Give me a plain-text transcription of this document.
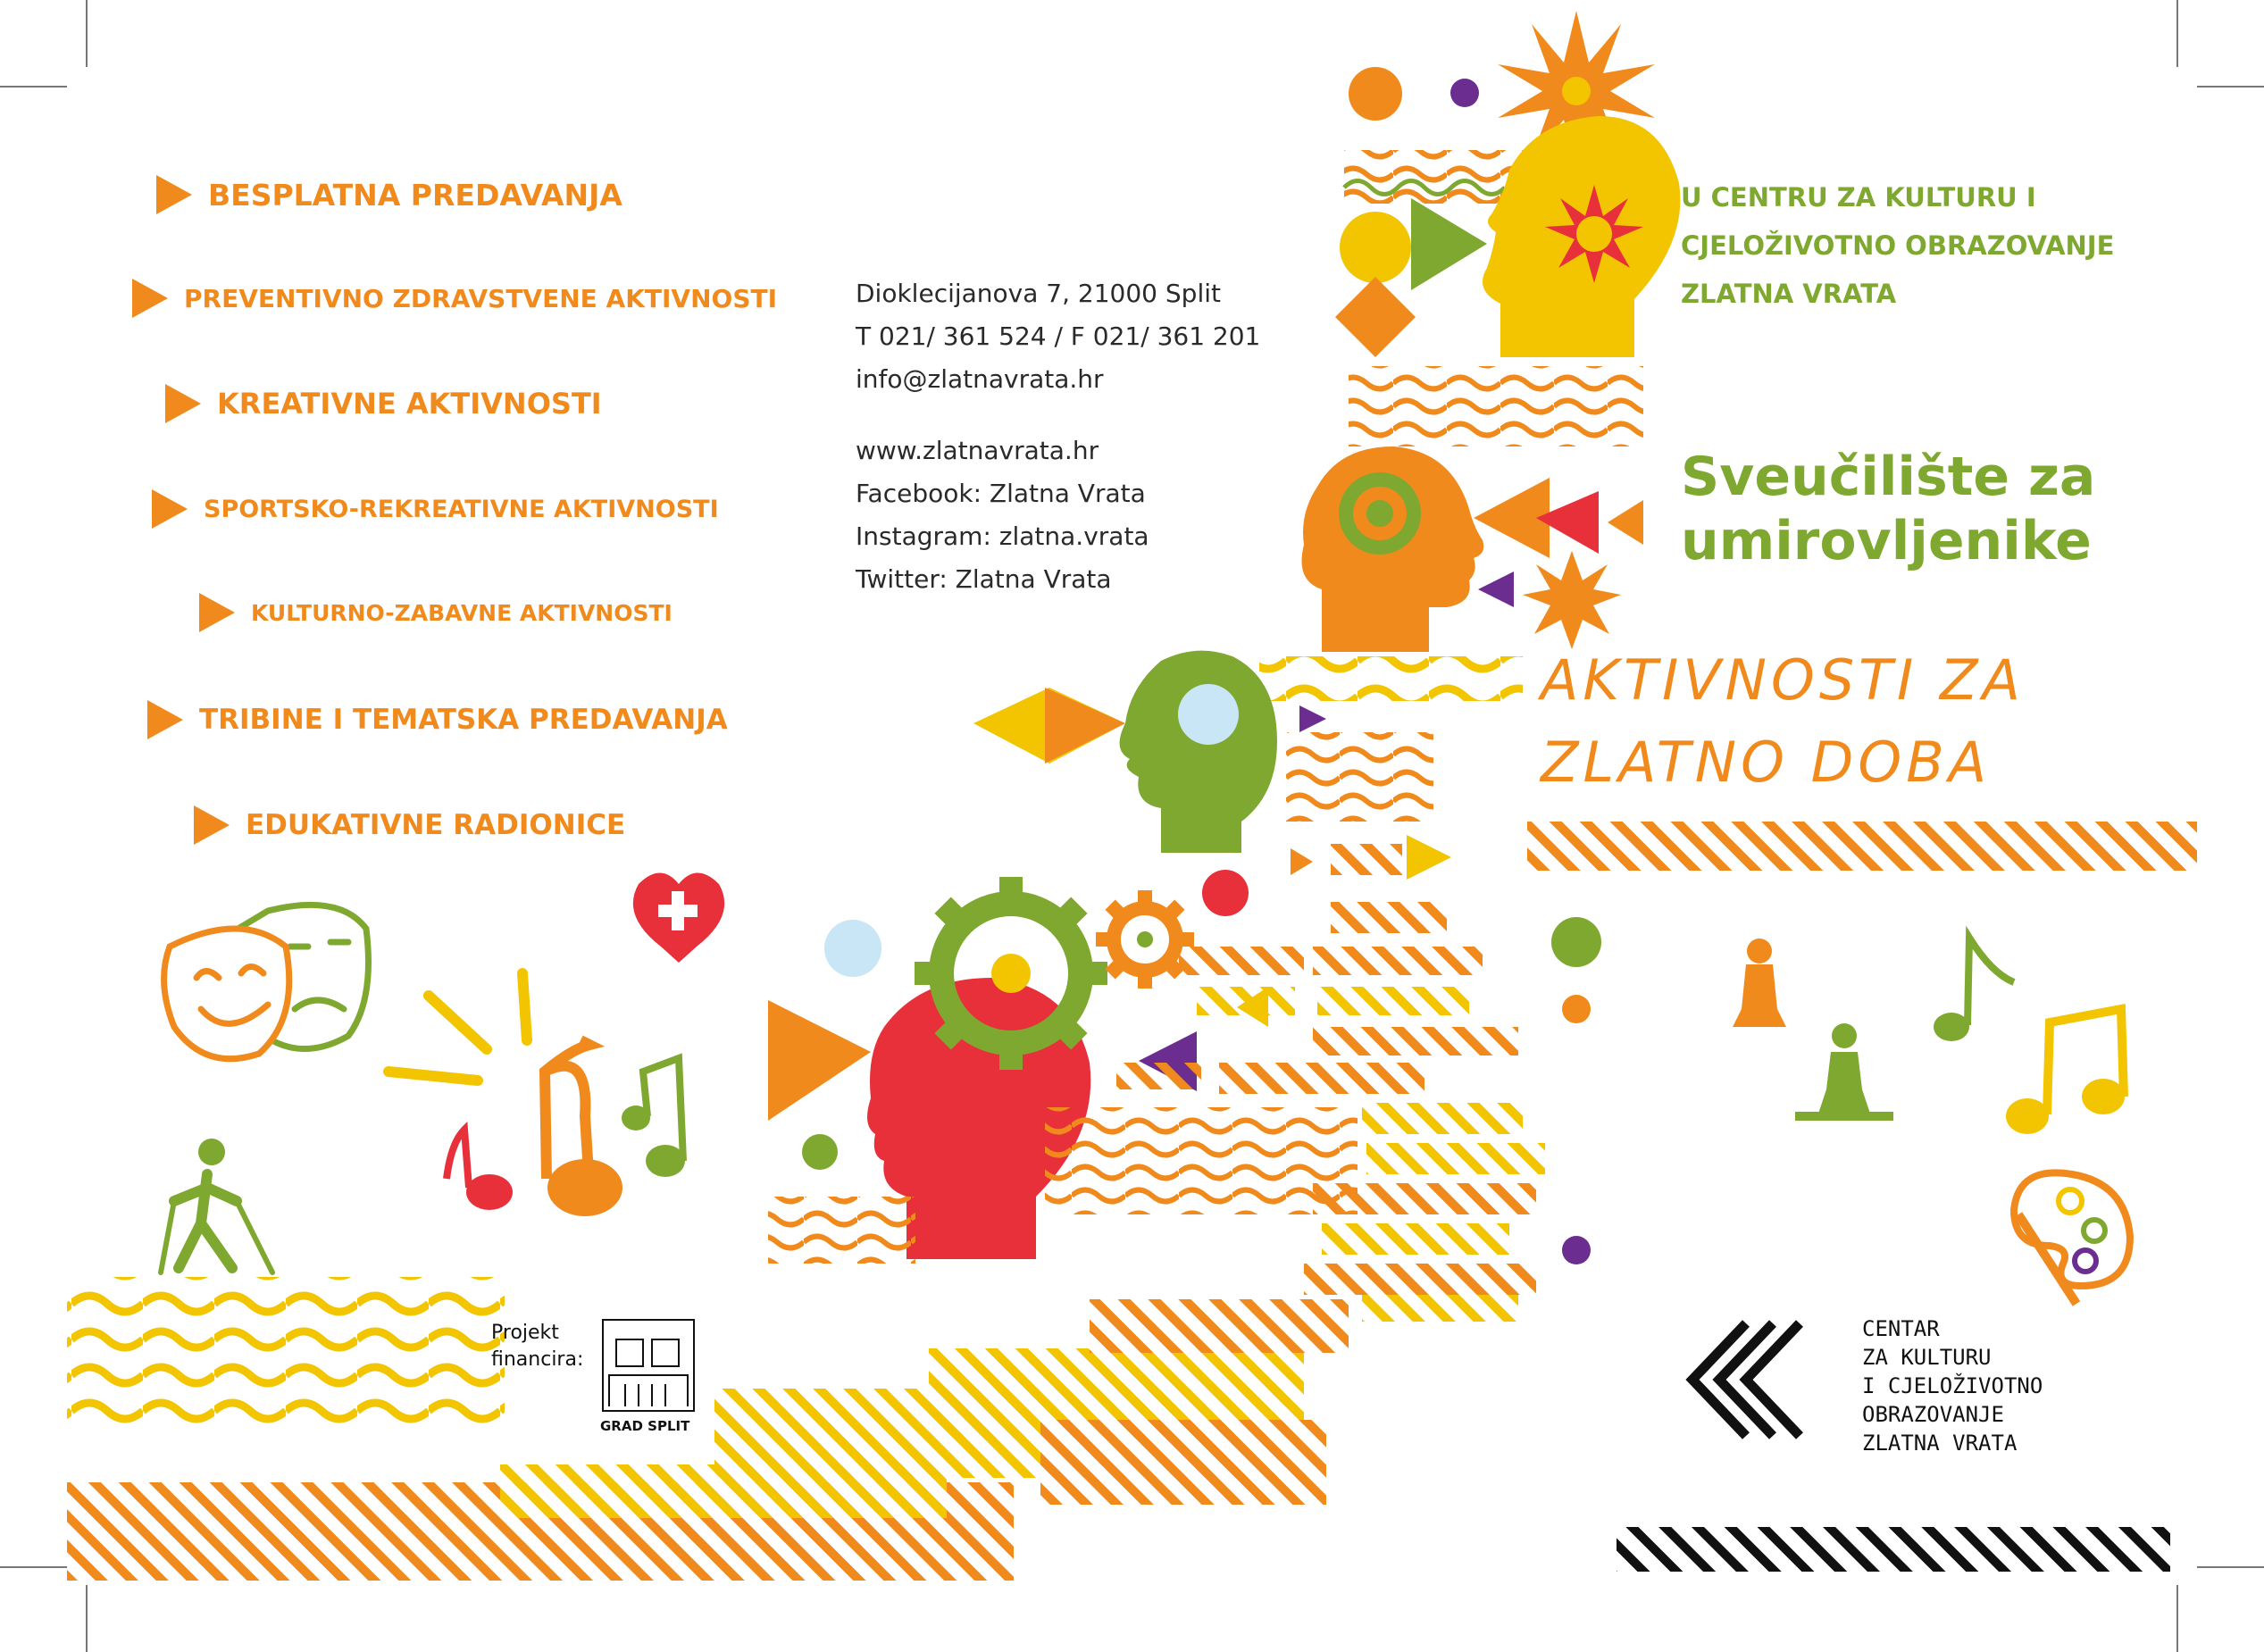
BESPLATNA PREDAVANJA
PREVENTIVNO ZDRAVSTVENE AKTIVNOSTI
KREATIVNE AKTIVNOSTI
SPORTSKO-REKREATIVNE AKTIVNOSTI
KULTURNO-ZABAVNE AKTIVNOSTI
TRIBINE I TEMATSKA PREDAVANJA
EDUKATIVNE RADIONICE
Dioklecijanova 7, 21000 Split
T 021/ 361 524 / F 021/ 361 201
info@zlatnavrata.hr
www.zlatnavrata.hr
Facebook: Zlatna Vrata
Instagram: zlatna.vrata
Twitter: Zlatna Vrata
U CENTRU ZA KULTURU I
CJELOŽIVOTNO OBRAZOVANJE
ZLATNA VRATA
Sveučilište za
umirovljenike
AKTIVNOSTI ZA
ZLATNO DOBA
Projekt
financira:
GRAD SPLIT
CENTAR
ZA KULTURU
I CJELOŽIVOTNO
OBRAZOVANJE
ZLATNA VRATA
